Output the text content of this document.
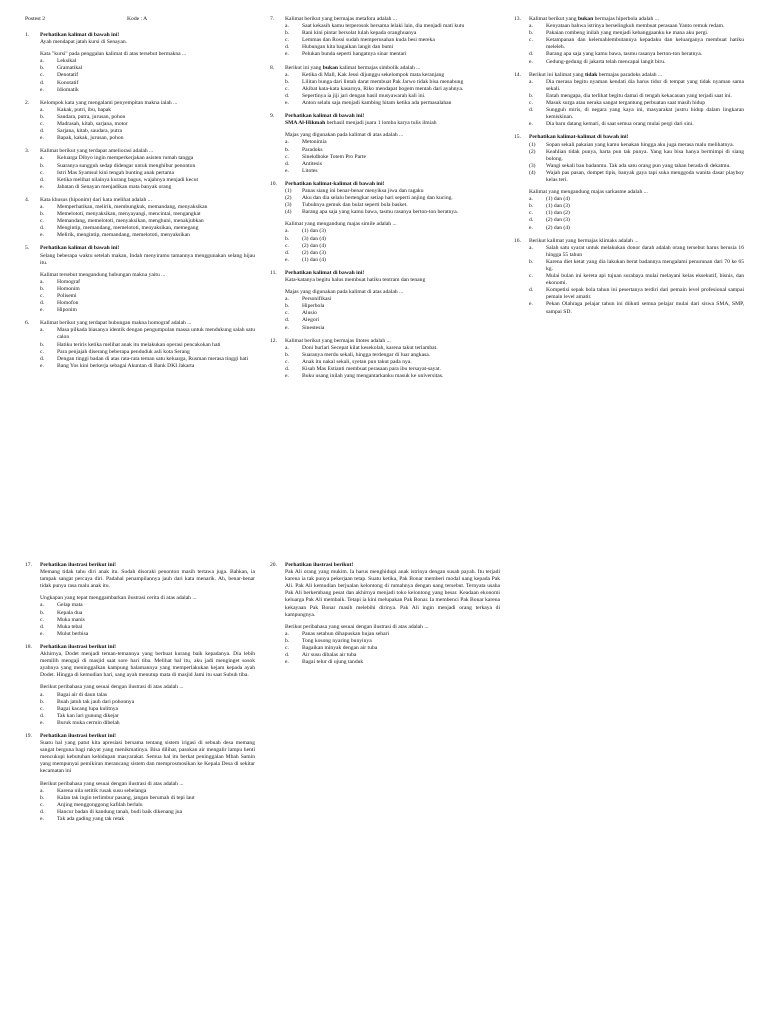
Postest 2	Kode : A
1.	Perhatikan kalimat di bawah ini!

Ayah mendapat jatah kursi di Senayan.

Kata "kursi" pada penggalan kalimat di atas tersebut bermakna ...

a.	Leksikal
b.	Gramatikal
c.	Denotatif
d.	Konotatif
e.	Idiomatik
2.	Kelompok kata yang mengalami penyempitan makna ialah ...

a.	Kakak, putri, ibu, bapak
b.	Saudara, putra, jurusan, pohon
c.	Madrasah, kitab, sarjana, motor
d.	Sarjana, kitab, saudara, putra
e.	Bapak, kakak, jurusan, pohon
3.	Kalimat berikut yang terdapat ameliorasi adalah ...

a.	Keluarga Dibyo ingin memperkerjakan asisten rumah tangga
b.	Suaranya sungguh sedap didengar untuk menghibur penonton
c.	Istri Mas Syamsul kini tengah bunting anak pertama
d.	Ketika melihat nilainya kurang bagus, wajahnya menjadi kecut
e.	Jabatan di Senayan menjadikan mata banyak orang
4.	Kata khusus (hiponim) dari kata melihat adalah ...

a.	Memperhatikan, melirik, membungkuk, memandang, menyaksikan
b.	Memelototi, menyaksikan, menyayangi, mencintai, mengangkat
c.	Memandang, memelototi, menyaksikan, menghuni, menakjubkan
d.	Mengintip, memandang, memelototi, menyaksikan, memegang
e.	Melirik, mengintip, memandang, memelototi, menyaksikan
5.	Perhatikan kalimat di bawah ini!

Selang beberapa waktu setelah makan, Indah menyiramu tamannya menggunakan selang hijau itu.

Kalimat tersebut mengandung hubungan makna yaitu ...

a.	Homograf
b.	Homonim
c.	Polisemi
d.	Homofon
e.	Hiponim
6.	Kalimat berikut yang terdapat hubungan makna homograf adalah ...

a.	Masa pilkada biasanya identik dengan pengumpulan massa untuk mendukung salah satu calon
b.	Hatiku teriris ketika melihat anak itu melakukan operasi pencakokan hati
c.	Para penjajah diserang beberapa penduduk asli kota Serang
d.	Dengan tinggi badan di atas rata-rata teman satu keluarga, Rusman merasa tinggi hati
e.	Bang Yos kini berkerja sebagai Akuntan di Bank DKI Jakarta
7.	Kalimat berikut yang bermajas metafora adalah ...

a.	Saat kekasih kamu terperosok bersama lelaki lain, dia menjadi mati kutu
b.	Rani kini pintar bersolat lulah kepada oranghuanya
c.	Lemmas dan Rossi sudah memperusahan kuda besi mereka
d.	Hubungan kita bagaikan langit dan bumi
e.	Pelukan bunda seperti hangatnya sinar mentari
8.	Berikut ini yang bukan kalimat bermajas simbolik adalah ...

a.	Ketika di Mall, Kak Jessi dijunggu sekelompok mata keranjang
b.	Lilitan bunga dari lintah darat membuat Pak Jarwo tidak bisa menabung
c.	Akibat kata-kata kasarnya, Riko mendapat bogem mentah dari ayahnya.
d.	Sepertinya ia jiji jari dengan hasil musyawarah kali ini.
e.	Anton selalu saja menjadi kambing hitam ketika ada permasalahan
9.	Perhatikan kalimat di bawah ini!

SMA Al-Hikmah berhasil menjadi juara 1 lomba karya tulis ilmiah

Majas yang digunakan pada kalimat di atas adalah ...

a.	Metonimia
b.	Paradoks
c.	Sinekdhoke Totem Pro Parte
d.	Antitesis
e.	Litotes
10.	Perhatikan kalimat-kalimat di bawah ini!

(1)	Panas siang ini benar-benar menyiksa jiwa dan ragaku
(2)	Aku dan dia selalu bertengkar setiap hari seperti anjing dan kucing.
(3)	Tubuhnya gemuk dan bulat seperti bola basket.
(4)	Barang apa saja yang kamu bawa, tasmu rasanya berton-ton beratnya.

Kalimat yang mengandung majas simile adalah ...

a.	(1) dan (3)
b.	(3) dan (4)
c.	(2) dan (4)
d.	(2) dan (3)
e.	(1) dan (4)
11.	Perhatikan kalimat di bawah ini!

Kata-katanya begitu halus membuat hatiku tentram dan tenang

Majas yang digunakan pada kalimat di atas adalah ...

a.	Personifikasi
b.	Hiperbola
c.	Alusio
d.	Alegori
e.	Sinestesia
12.	Kalimat berikut yang bermajas litotes adalah ...

a.	Doni burlari Secepat kilat kesekolah, karena takut terlambat.
b.	Suaranya merdu sekali, hingga terdengar di luar angkasa.
c.	Anak itu nakal sekali, syetan pun takut pada nya.
d.	Kisah Mas Estianti membuat perasaan para ibu tersayat-sayat.
e.	Buku usang inilah yang mengantarkanku masuk ke universitas.
13.	Kalimat berikut yang bukan bermajas hiperbola adalah ...

a.	Kenyataan bahwa istrinya berselingkuh membuat perasaan Yanto remuk redam.
b.	Pakaian rombeng inilah yang menjadi kebanggaanku ke mana aku pergi.
c.	Ketampanan dan kelemahlembutannya kepadaku dan keluarganya membuat hatiku meleleh.
d.	Barang apa saja yang kamu bawa, tasmu rasanya berton-ton beratnya.
e.	Gedung-gedung di jakarta telah mencapai langit biru.
14.	Berikut ini kalimat yang tidak bermajas paradoks adalah ...

a.	Dia merasa begitu nyaman kendati dia harus tidur di tempat yang tidak nyaman sama sekali.
b.	Entah mengapa, dia terlihat begitu damai di tengah kekacauan yang terjadi saat ini.
c.	Masuk surga atau neraka sangat tergantung perbuatan saat masih hidup
d.	Sungguh miris, di negara yang kaya ini, masyarakat justru hidup dalam lingkaran kemiskinan.
e.	Dia baru datang kemari, di saat semua orang mulai pergi dari sini.
15.	Perhatikan kalimat-kalimat di bawah ini!

(1)	Sopan sekali pakaian yang kamu kenakan hingga aku juga merasa malu melihatnya.
(2)	Keahlian tidak punya, harta pun tak punya. Yang kau bisa hanya bermimpi di siang bolong.
(3)	Wangi sekali bau badanmu. Tak ada satu orang pun yang tahan berada di dekatmu.
(4)	Wajah pas pasan, dompet tipis, banyak gaya tapi suka menggoda wanita dasar playboy kelas teri.

Kalimat yang mengandung majas sarkasme adalah ...

a.	(1) dan (4)
b.	(1) dan (3)
c.	(1) dan (2)
d.	(2) dan (3)
e.	(2) dan (4)
16.	Berikut kalimat yang bermajas klimaks adalah ...

a.	Salah satu syarat untuk melakukan donor darah adalah orang tersebut harus berusia 16 hingga 55 tahun
b.	Karena diet ketat yang dia lakukan berat badannya mengalami penurunan dari 70 ke 65 kg.
c.	Mulai bulan ini kereta api tujuan surabaya mulai melayani kelas eksekutif, bisnis, dan ekonomi.
d.	Kompetisi sepak bola tahun ini pesertanya terdiri dari pemain level profesional sampai pemain level amatir.
e.	Pekan Olahraga pelajar tahun ini diikuti semua pelajar mulai dari siswa SMA, SMP, sampai SD.
17.	Perhatikan ilustrasi berikut ini!

Memang tidak tahu diri anak itu. Sudah disoraki penonton masih tertawa juga. Bahkan, ia tampak sangat percaya diri. Padahal penampilannya jauh dari kata menarik. Ah, benar-benar tidak punya rasa malu anak itu.

Ungkapan yang tepat menggambarkan ilustrasi cerita di atas adalah ...

a.	Gelap mata
b.	Kepala dua
c.	Muka manis
d.	Muka tebal
e.	Mulut berbisa
18.	Perhatikan ilustrasi berikut ini!

Akhirnya, Dodet menjadi teman-temannya yang berbuat kurang baik kepadanya. Dia lebih memilih mengaji di masjid saat sore hari tiba. Melihat hal itu, aku jadi menginget sosok ayahnya yang meninggalkan kampung halamannya yang memperlakukan kejam kepada ayah Dodet. Hingga di kemudian hari, sang ayah menutup mata di masjid Jami itu saat Subuh tiba.

Berikut peribahasa yang sesuai dengan ilustrasi di atas adalah ...

a.	Bagai air di daun talas
b.	Buah jatuh tak jauh dari pohonnya
c.	Bagai kacang lupa kulitnya
d.	Tak kan lari gunung dikejar
e.	Buruk muka cermin dibelah
19.	Perhatikan ilustrasi berikut ini!

Suatu hal yang patut kita apresiasi bersama tentang sistem irigasi di sebuah desa memang sangat berguna bagi rakyat yang menikmatinya. Bisa dilihat, pasokan air mengalir lampu henti mencukupi kebutuhan kehidupan masyarakat. Semua hal itu berkat peninggalan Mbah Samin yang mempunyai pemikiran merancang sistem dan memprosmosikan ke Kepala Desa di sekitar kecamatan ini

Berikut peribahasa yang sesuai dengan ilustrasi di atas adalah ...

a.	Karena nila setitik rusak susu sebelanga
b.	Kalau tak ingin terlimbur pasang, jangan berumah di tepi laut
c.	Anjing menggonggong kafilah berlalu
d.	Hancur badan di kandung tanah, budi baik dikenang jua
e.	Tak ada gading yang tak retak
20.	Perhatikan ilustrasi berikut!

Pak Ali orang yang mukim. Ia harus menghidupi anak istrinya dengan susah payah. Itu terjadi karena ia tak punya pekerjaan tetap. Suatu ketika, Pak Bonar memberi modal uang kepada Pak Ali. Pak Ali kemudian berjualan kelontong di rumahnya dengan uang tersebut. Ternyata usaha Pak Ali berkembang pesat dan akhirnya menjadi toko kelontong yang besar. Keadaan ekonomi keluarga Pak Ali membaik. Tetapi ia kini melupakan Pak Bonar. Ia membenci Pak Bonar karena kekayaan Pak Bonar masih melebihi dirinya. Pak Ali ingin menjadi orang terkaya di kampungnya.

Berikut peribahasa yang sesuai dengan ilustrasi di atas adalah ...

a.	Panas setahun dihapuskan hujan sehari
b.	Tong kosong nyaring bunyinya
c.	Bagaikan minyak dengan air tuba
d.	Air susu dibalas air tuba
e.	Bagai telur di ujung tanduk
